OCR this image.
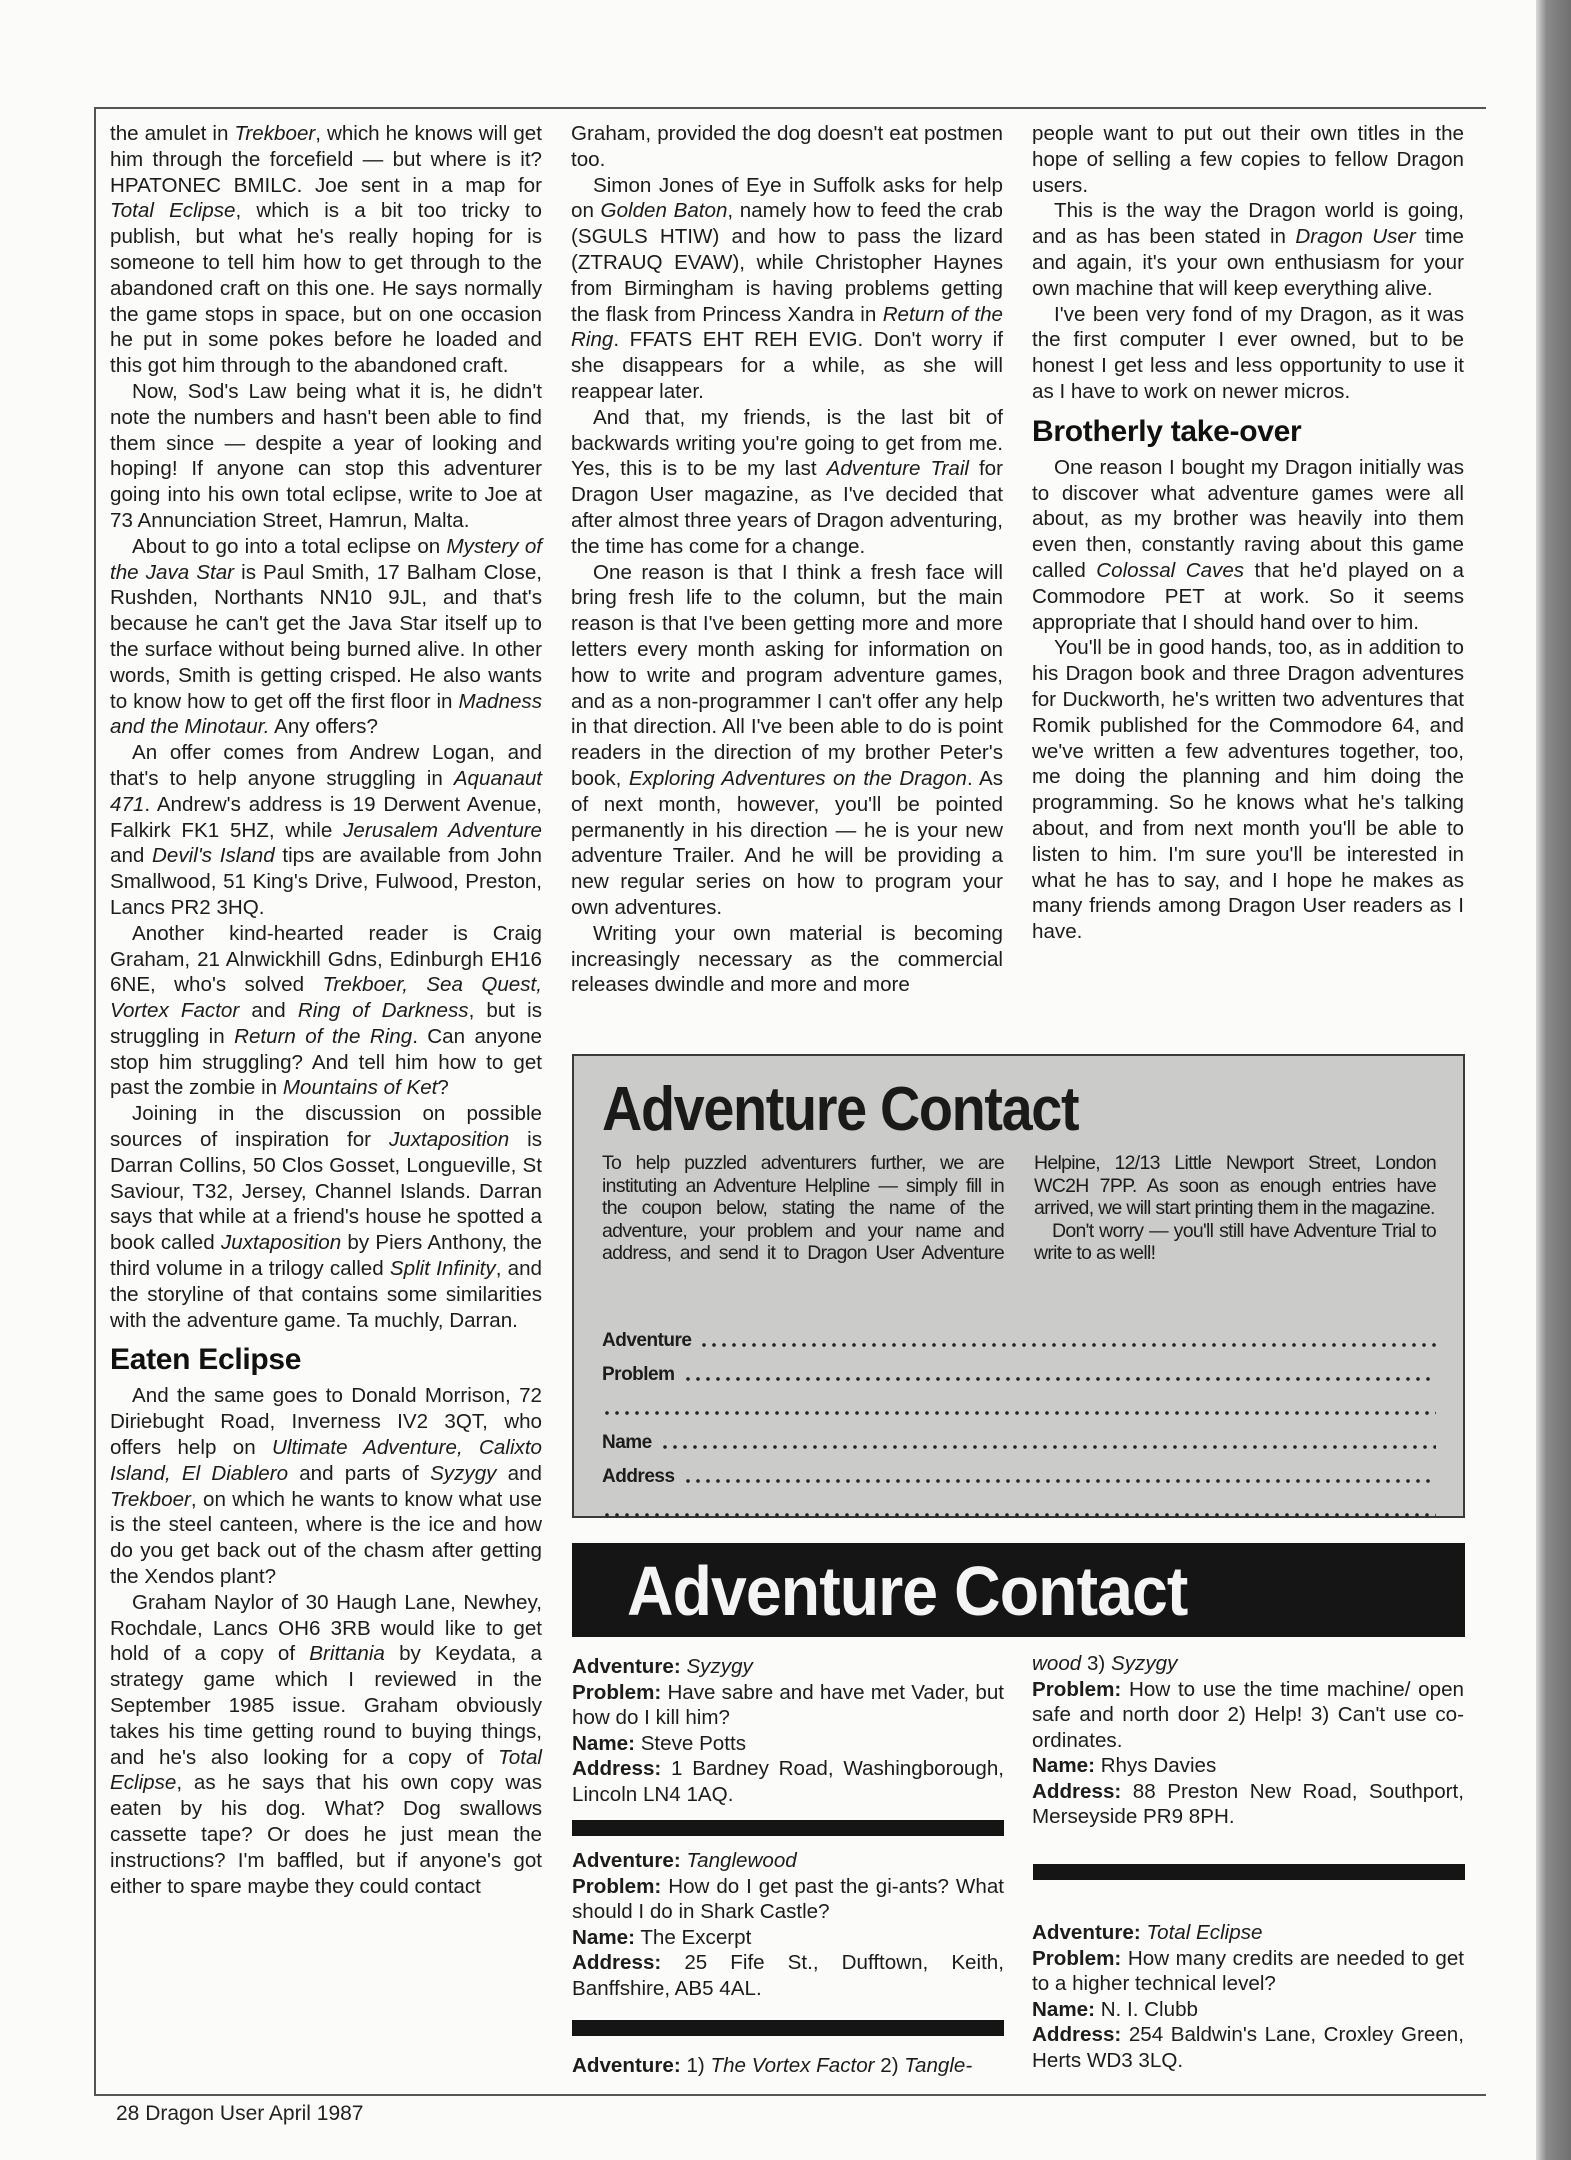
the amulet in Trekboer, which he knows will get him through the forcefield — but where is it? HPATONEC BMILC. Joe sent in a map for Total Eclipse, which is a bit too tricky to publish, but what he's really hoping for is someone to tell him how to get through to the abandoned craft on this one. He says normally the game stops in space, but on one occasion he put in some pokes before he loaded and this got him through to the abandoned craft.

Now, Sod's Law being what it is, he didn't note the numbers and hasn't been able to find them since — despite a year of looking and hoping! If anyone can stop this adventurer going into his own total eclipse, write to Joe at 73 Annunciation Street, Hamrun, Malta.

About to go into a total eclipse on Mystery of the Java Star is Paul Smith, 17 Balham Close, Rushden, Northants NN10 9JL, and that's because he can't get the Java Star itself up to the surface without being burned alive. In other words, Smith is getting crisped. He also wants to know how to get off the first floor in Madness and the Minotaur. Any offers?

An offer comes from Andrew Logan, and that's to help anyone struggling in Aquanaut 471. Andrew's address is 19 Derwent Avenue, Falkirk FK1 5HZ, while Jerusalem Adventure and Devil's Island tips are available from John Smallwood, 51 King's Drive, Fulwood, Preston, Lancs PR2 3HQ.

Another kind-hearted reader is Craig Graham, 21 Alnwickhill Gdns, Edinburgh EH16 6NE, who's solved Trekboer, Sea Quest, Vortex Factor and Ring of Darkness, but is struggling in Return of the Ring. Can anyone stop him struggling? And tell him how to get past the zombie in Mountains of Ket?

Joining in the discussion on possible sources of inspiration for Juxtaposition is Darran Collins, 50 Clos Gosset, Longueville, St Saviour, T32, Jersey, Channel Islands. Darran says that while at a friend's house he spotted a book called Juxtaposition by Piers Anthony, the third volume in a trilogy called Split Infinity, and the storyline of that contains some similarities with the adventure game. Ta muchly, Darran.

Eaten Eclipse

And the same goes to Donald Morrison, 72 Diriebught Road, Inverness IV2 3QT, who offers help on Ultimate Adventure, Calixto Island, El Diablero and parts of Syzygy and Trekboer, on which he wants to know what use is the steel canteen, where is the ice and how do you get back out of the chasm after getting the Xendos plant?

Graham Naylor of 30 Haugh Lane, Newhey, Rochdale, Lancs OH6 3RB would like to get hold of a copy of Brittania by Keydata, a strategy game which I reviewed in the September 1985 issue. Graham obviously takes his time getting round to buying things, and he's also looking for a copy of Total Eclipse, as he says that his own copy was eaten by his dog. What? Dog swallows cassette tape? Or does he just mean the instructions? I'm baffled, but if anyone's got either to spare maybe they could contact

Graham, provided the dog doesn't eat postmen too.

Simon Jones of Eye in Suffolk asks for help on Golden Baton, namely how to feed the crab (SGULS HTIW) and how to pass the lizard (ZTRAUQ EVAW), while Christopher Haynes from Birmingham is having problems getting the flask from Princess Xandra in Return of the Ring. FFATS EHT REH EVIG. Don't worry if she disappears for a while, as she will reappear later.

And that, my friends, is the last bit of backwards writing you're going to get from me. Yes, this is to be my last Adventure Trail for Dragon User magazine, as I've decided that after almost three years of Dragon adventuring, the time has come for a change.

One reason is that I think a fresh face will bring fresh life to the column, but the main reason is that I've been getting more and more letters every month asking for information on how to write and program adventure games, and as a non-programmer I can't offer any help in that direction. All I've been able to do is point readers in the direction of my brother Peter's book, Exploring Adventures on the Dragon. As of next month, however, you'll be pointed permanently in his direction — he is your new adventure Trailer. And he will be providing a new regular series on how to program your own adventures.

Writing your own material is becoming increasingly necessary as the commercial releases dwindle and more and more

people want to put out their own titles in the hope of selling a few copies to fellow Dragon users.

This is the way the Dragon world is going, and as has been stated in Dragon User time and again, it's your own enthusiasm for your own machine that will keep everything alive.

I've been very fond of my Dragon, as it was the first computer I ever owned, but to be honest I get less and less opportunity to use it as I have to work on newer micros.

Brotherly take-over

One reason I bought my Dragon initially was to discover what adventure games were all about, as my brother was heavily into them even then, constantly raving about this game called Colossal Caves that he'd played on a Commodore PET at work. So it seems appropriate that I should hand over to him.

You'll be in good hands, too, as in addition to his Dragon book and three Dragon adventures for Duckworth, he's written two adventures that Romik published for the Commodore 64, and we've written a few adventures together, too, me doing the planning and him doing the programming. So he knows what he's talking about, and from next month you'll be able to listen to him. I'm sure you'll be interested in what he has to say, and I hope he makes as many friends among Dragon User readers as I have.

Adventure Contact

To help puzzled adventurers further, we are instituting an Adventure Helpline — simply fill in the coupon below, stating the name of the adventure, your problem and your name and address, and send it to Dragon User Adventure Helpine, 12/13 Little Newport Street, London WC2H 7PP. As soon as enough entries have arrived, we will start printing them in the magazine.

Don't worry — you'll still have Adventure Trial to write to as well!

Adventure
Problem
Name
Address
Adventure Contact
Adventure: Syzygy
Problem: Have sabre and have met Vader, but how do I kill him?
Name: Steve Potts
Address: 1 Bardney Road, Washingborough, Lincoln LN4 1AQ.
Adventure: Tanglewood
Problem: How do I get past the gi-ants? What should I do in Shark Castle?
Name: The Excerpt
Address: 25 Fife St., Dufftown, Keith, Banffshire, AB5 4AL.
Adventure: 1) The Vortex Factor 2) Tangle-
wood 3) Syzygy
Problem: How to use the time machine/ open safe and north door 2) Help! 3) Can't use co-ordinates.
Name: Rhys Davies
Address: 88 Preston New Road, Southport, Merseyside PR9 8PH.
Adventure: Total Eclipse
Problem: How many credits are needed to get to a higher technical level?
Name: N. I. Clubb
Address: 254 Baldwin's Lane, Croxley Green, Herts WD3 3LQ.
28 Dragon User April 1987
